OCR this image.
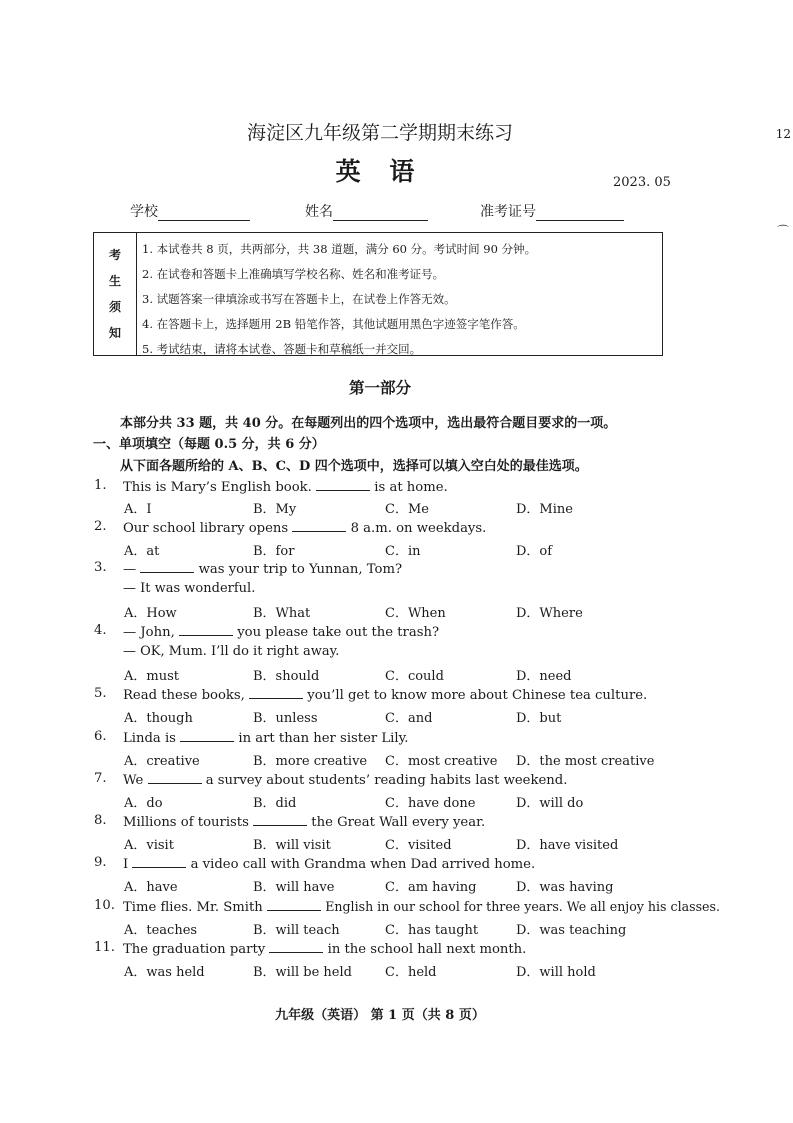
海淀区九年级第二学期期末练习
英 语	2023. 05
12
⌒
学校	姓名	准考证号
考
生
须
知
1. 本试卷共 8 页，共两部分，共 38 道题，满分 60 分。考试时间 90 分钟。
2. 在试卷和答题卡上准确填写学校名称、姓名和准考证号。
3. 试题答案一律填涂或书写在答题卡上，在试卷上作答无效。
4. 在答题卡上，选择题用 2B 铅笔作答，其他试题用黑色字迹签字笔作答。
5. 考试结束，请将本试卷、答题卡和草稿纸一并交回。
第一部分
本部分共 33 题，共 40 分。在每题列出的四个选项中，选出最符合题目要求的一项。
一、单项填空（每题 0.5 分，共 6 分）
从下面各题所给的 A、B、C、D 四个选项中，选择可以填入空白处的最佳选项。
1. This is Mary’s English book.	is at home.
A．I	B．My	C．Me	D．Mine
2. Our school library opens	8 a.m. on weekdays.
A．at	B．for	C．in	D．of
3. —	was your trip to Yunnan, Tom?
— It was wonderful.
A．How	B．What	C．When	D．Where
4. — John,	you please take out the trash?
— OK, Mum. I’ll do it right away.
A．must	B．should	C．could	D．need
5. Read these books,	you’ll get to know more about Chinese tea culture.
A．though	B．unless	C．and	D．but
6. Linda is	in art than her sister Lily.
A．creative	B．more creative C．most creative D．the most creative
7. We	a survey about students’ reading habits last weekend.
A．do	B．did	C．have done	D．will do
8. Millions of tourists	the Great Wall every year.
A．visit	B．will visit	C．visited	D．have visited
9. I	a video call with Grandma when Dad arrived home.
A．have	B．will have	C．am having	D．was having
10. Time flies. Mr. Smith	English in our school for three years. We all enjoy his classes.
A．teaches	B．will teach	C．has taught	D．was teaching
11. The graduation party	in the school hall next month.
A．was held	B．will be held	C．held	D．will hold
九年级（英语） 第 1 页（共 8 页）
